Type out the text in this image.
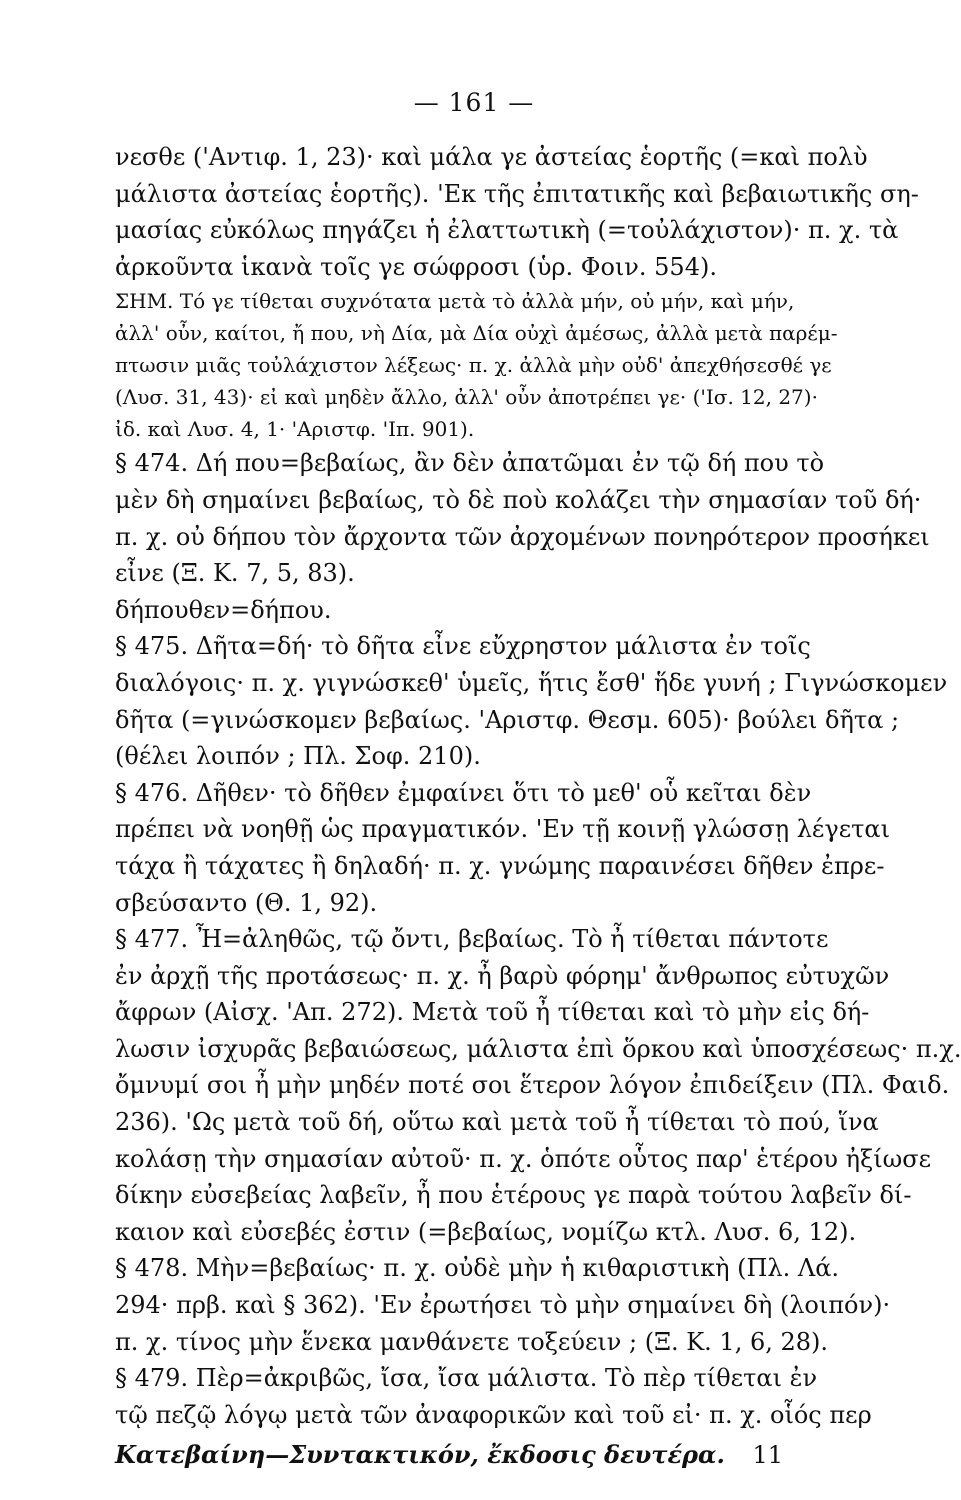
— 161 —
νεσθε ('Αντιφ. 1, 23)· καὶ μάλα γε ἀστείας ἑορτῆς (=καὶ πολὺ
μάλιστα ἀστείας ἑορτῆς). 'Εκ τῆς ἐπιτατικῆς καὶ βεβαιωτικῆς ση-
μασίας εὐκόλως πηγάζει ἡ ἐλαττωτικὴ (=τοὐλάχιστον)· π. χ. τὰ
ἀρκοῦντα ἱκανὰ τοῖς γε σώφροσι (ὑρ. Φοιν. 554).
ΣΗΜ. Τό γε τίθεται συχνότατα μετὰ τὸ ἀλλὰ μήν, οὐ μήν, καὶ μήν,
ἀλλ' οὖν, καίτοι, ἤ που, νὴ Δία, μὰ Δία οὐχὶ ἀμέσως, ἀλλὰ μετὰ παρέμ-
πτωσιν μιᾶς τοὐλάχιστον λέξεως· π. χ. ἀλλὰ μὴν οὐδ' ἀπεχθήσεσθέ γε
(Λυσ. 31, 43)· εἰ καὶ μηδὲν ἄλλο, ἀλλ' οὖν ἀποτρέπει γε· ('Ισ. 12, 27)·
ἰδ. καὶ Λυσ. 4, 1· 'Αριστφ. 'Ιπ. 901).
§ 474. Δή που=βεβαίως, ἂν δὲν ἀπατῶμαι ἐν τῷ δή που τὸ
μὲν δὴ σημαίνει βεβαίως, τὸ δὲ ποὺ κολάζει τὴν σημασίαν τοῦ δή·
π. χ. οὐ δήπου τὸν ἄρχοντα τῶν ἀρχομένων πονηρότερον προσήκει
εἶνε (Ξ. Κ. 7, 5, 83).
δήπουθεν=δήπου.
§ 475. Δῆτα=δή· τὸ δῆτα εἶνε εὔχρηστον μάλιστα ἐν τοῖς
διαλόγοις· π. χ. γιγνώσκεθ' ὑμεῖς, ἥτις ἔσθ' ἥδε γυνή ; Γιγνώσκομεν
δῆτα (=γινώσκομεν βεβαίως. 'Αριστφ. Θεσμ. 605)· βούλει δῆτα ;
(θέλει λοιπόν ; Πλ. Σοφ. 210).
§ 476. Δῆθεν· τὸ δῆθεν ἐμφαίνει ὅτι τὸ μεθ' οὗ κεῖται δὲν
πρέπει νὰ νοηθῇ ὡς πραγματικόν. 'Εν τῇ κοινῇ γλώσσῃ λέγεται
τάχα ἢ τάχατες ἢ δηλαδή· π. χ. γνώμης παραινέσει δῆθεν ἐπρε-
σβεύσαντο (Θ. 1, 92).
§ 477. Ἦ=ἀληθῶς, τῷ ὄντι, βεβαίως. Τὸ ἦ τίθεται πάντοτε
ἐν ἀρχῇ τῆς προτάσεως· π. χ. ἦ βαρὺ φόρημ' ἄνθρωπος εὐτυχῶν
ἄφρων (Αἰσχ. 'Απ. 272). Μετὰ τοῦ ἦ τίθεται καὶ τὸ μὴν εἰς δή-
λωσιν ἰσχυρᾶς βεβαιώσεως, μάλιστα ἐπὶ ὅρκου καὶ ὑποσχέσεως· π.χ.
ὄμνυμί σοι ἦ μὴν μηδέν ποτέ σοι ἕτερον λόγον ἐπιδείξειν (Πλ. Φαιδ.
236). 'Ως μετὰ τοῦ δή, οὕτω καὶ μετὰ τοῦ ἦ τίθεται τὸ πού, ἵνα
κολάσῃ τὴν σημασίαν αὐτοῦ· π. χ. ὁπότε οὗτος παρ' ἑτέρου ἠξίωσε
δίκην εὐσεβείας λαβεῖν, ἦ που ἑτέρους γε παρὰ τούτου λαβεῖν δί-
καιον καὶ εὐσεβές ἐστιν (=βεβαίως, νομίζω κτλ. Λυσ. 6, 12).
§ 478. Μὴν=βεβαίως· π. χ. οὐδὲ μὴν ἡ κιθαριστικὴ (Πλ. Λά.
294· πρβ. καὶ § 362). 'Εν ἐρωτήσει τὸ μὴν σημαίνει δὴ (λοιπόν)·
π. χ. τίνος μὴν ἕνεκα μανθάνετε τοξεύειν ; (Ξ. Κ. 1, 6, 28).
§ 479. Πὲρ=ἀκριβῶς, ἴσα, ἴσα μάλιστα. Τὸ πὲρ τίθεται ἐν
τῷ πεζῷ λόγῳ μετὰ τῶν ἀναφορικῶν καὶ τοῦ εἰ· π. χ. οἷός περ
Κατεβαίνη—Συντακτικόν, ἔκδοσις δευτέρα. 11
